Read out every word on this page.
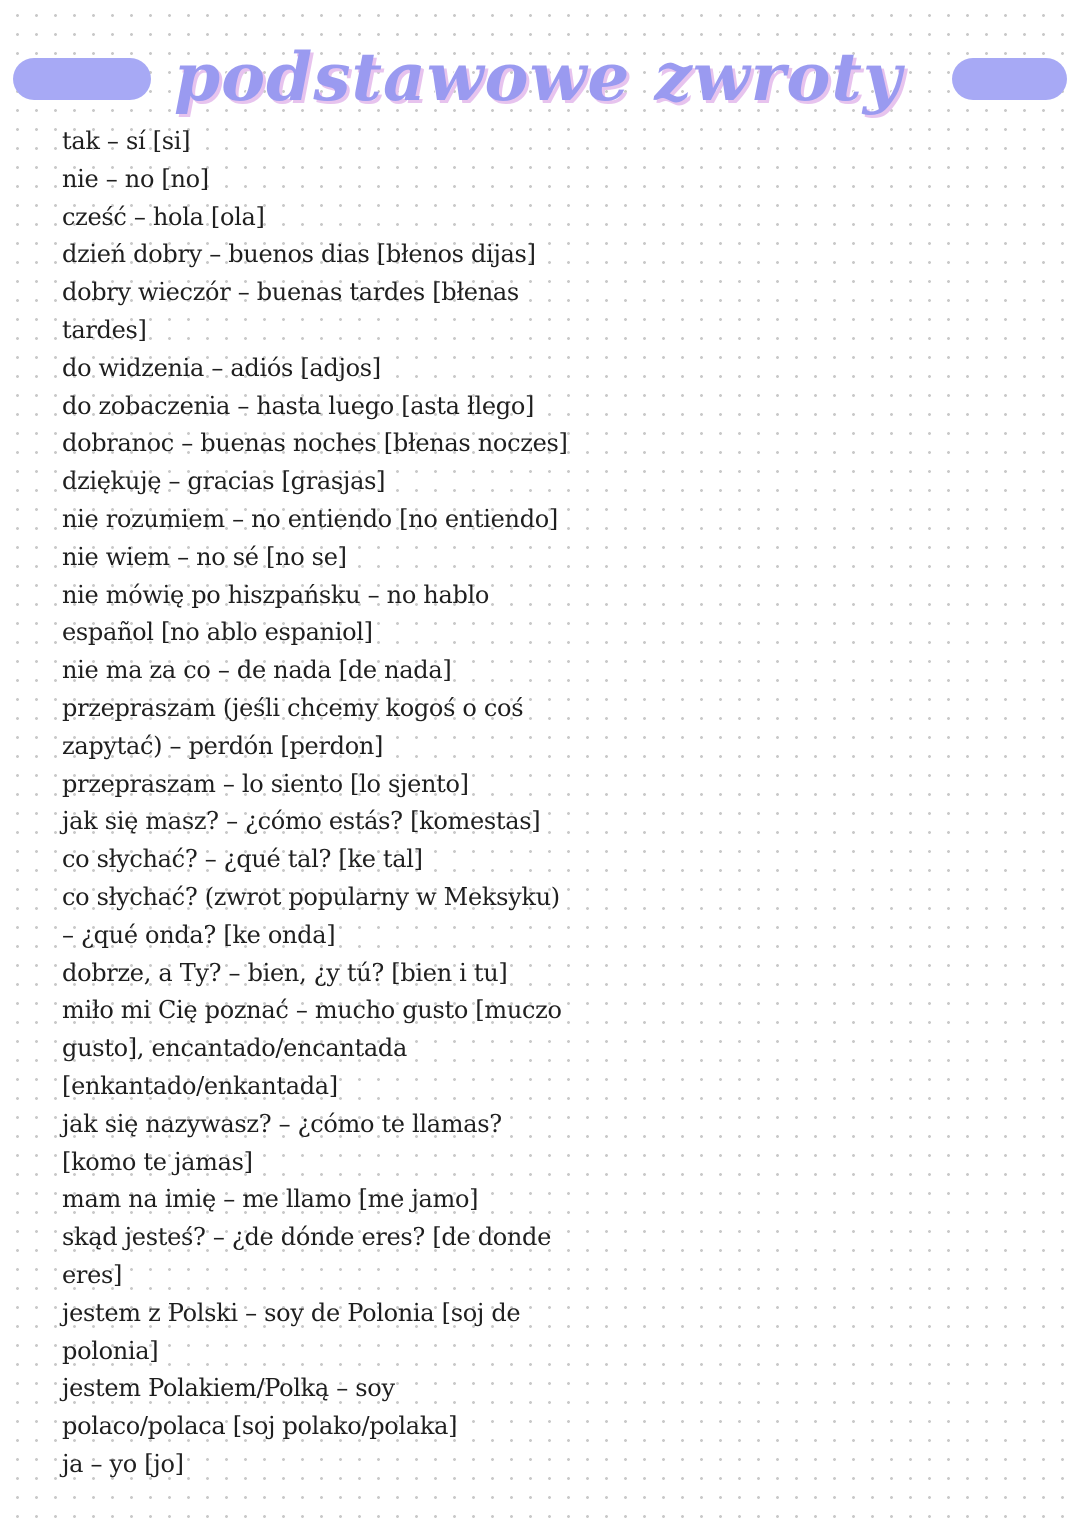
podstawowe zwroty
tak – sí [si]
nie – no [no]
cześć – hola [ola]
dzień dobry – buenos dias [błenos dijas]
dobry wieczór – buenas tardes [błenas
tardes]
do widzenia – adiós [adjos]
do zobaczenia – hasta luego [asta łlego]
dobranoc – buenas noches [błenas noczes]
dziękuję – gracias [grasjas]
nie rozumiem – no entiendo [no entiendo]
nie wiem – no sé [no se]
nie mówię po hiszpańsku – no hablo
español [no ablo espaniol]
nie ma za co – de nada [de nada]
przepraszam (jeśli chcemy kogoś o coś
zapytać) – perdón [perdon]
przepraszam – lo siento [lo sjento]
jak się masz? – ¿cómo estás? [komestas]
co słychać? – ¿qué tal? [ke tal]
co słychać? (zwrot popularny w Meksyku)
– ¿qué onda? [ke onda]
dobrze, a Ty? – bien, ¿y tú? [bien i tu]
miło mi Cię poznać – mucho gusto [muczo
gusto], encantado/encantada
[enkantado/enkantada]
jak się nazywasz? – ¿cómo te llamas?
[komo te jamas]
mam na imię – me llamo [me jamo]
skąd jesteś? – ¿de dónde eres? [de donde
eres]
jestem z Polski – soy de Polonia [soj de
polonia]
jestem Polakiem/Polką – soy
polaco/polaca [soj polako/polaka]
ja – yo [jo]
